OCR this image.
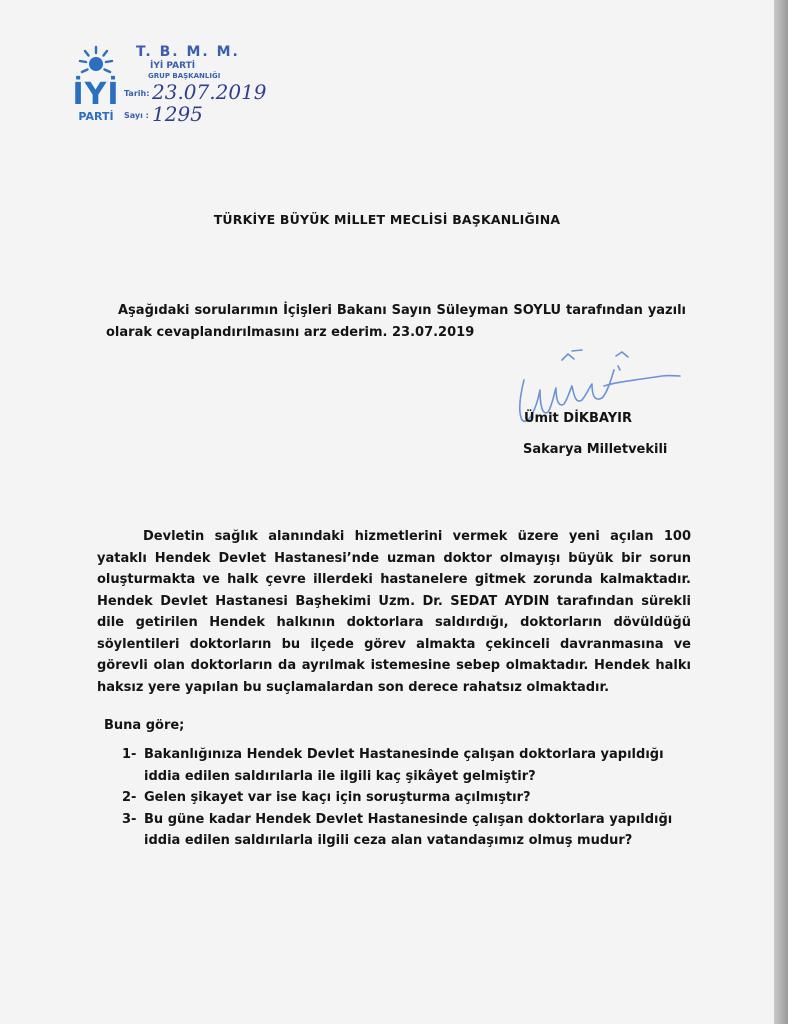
İYİ
PARTİ
T. B. M. M.
İYİ PARTİ
GRUP BAŞKANLIĞI
Tarih: 23.07.2019
Sayı : 1295
TÜRKİYE BÜYÜK MİLLET MECLİSİ BAŞKANLIĞINA
Aşağıdaki sorularımın İçişleri Bakanı Sayın Süleyman SOYLU tarafından yazılı olarak cevaplandırılmasını arz ederim. 23.07.2019
Ümit DİKBAYIR
Sakarya Milletvekili
Devletin sağlık alanındaki hizmetlerini vermek üzere yeni açılan 100 yataklı Hendek Devlet Hastanesi’nde uzman doktor olmayışı büyük bir sorun oluşturmakta ve halk çevre illerdeki hastanelere gitmek zorunda kalmaktadır. Hendek Devlet Hastanesi Başhekimi Uzm. Dr. SEDAT AYDIN tarafından sürekli dile getirilen Hendek halkının doktorlara saldırdığı, doktorların dövüldüğü söylentileri doktorların bu ilçede görev almakta çekinceli davranmasına ve görevli olan doktorların da ayrılmak istemesine sebep olmaktadır. Hendek halkı haksız yere yapılan bu suçlamalardan son derece rahatsız olmaktadır.
Buna göre;
1- Bakanlığınıza Hendek Devlet Hastanesinde çalışan doktorlara yapıldığı iddia edilen saldırılarla ile ilgili kaç şikâyet gelmiştir?
2- Gelen şikayet var ise kaçı için soruşturma açılmıştır?
3- Bu güne kadar Hendek Devlet Hastanesinde çalışan doktorlara yapıldığı iddia edilen saldırılarla ilgili ceza alan vatandaşımız olmuş mudur?
